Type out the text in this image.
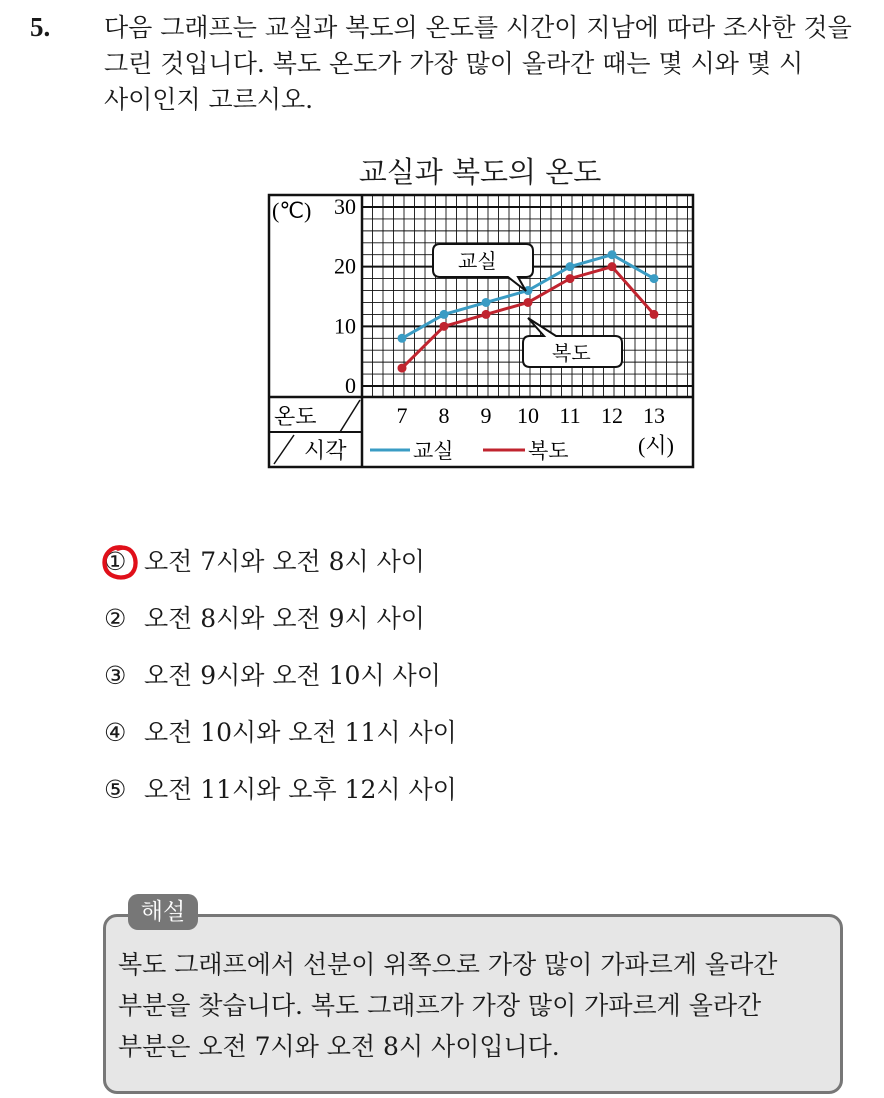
5. 다음 그래프는 교실과 복도의 온도를 시간이 지남에 따라 조사한 것을
그린 것입니다. 복도 온도가 가장 많이 올라간 때는 몇 시와 몇 시
사이인지 고르시오.
교실과 복도의 온도
(℃) 30
20
10
0
7 8 9 10 11 12 13
(시)
온도
시각	교실	복도
교실
복도
① 오전 7시와 오전 8시 사이
② 오전 8시와 오전 9시 사이
③ 오전 9시와 오전 10시 사이
④ 오전 10시와 오전 11시 사이
⑤ 오전 11시와 오후 12시 사이
해설
복도 그래프에서 선분이 위쪽으로 가장 많이 가파르게 올라간
부분을 찾습니다. 복도 그래프가 가장 많이 가파르게 올라간
부분은 오전 7시와 오전 8시 사이입니다.
